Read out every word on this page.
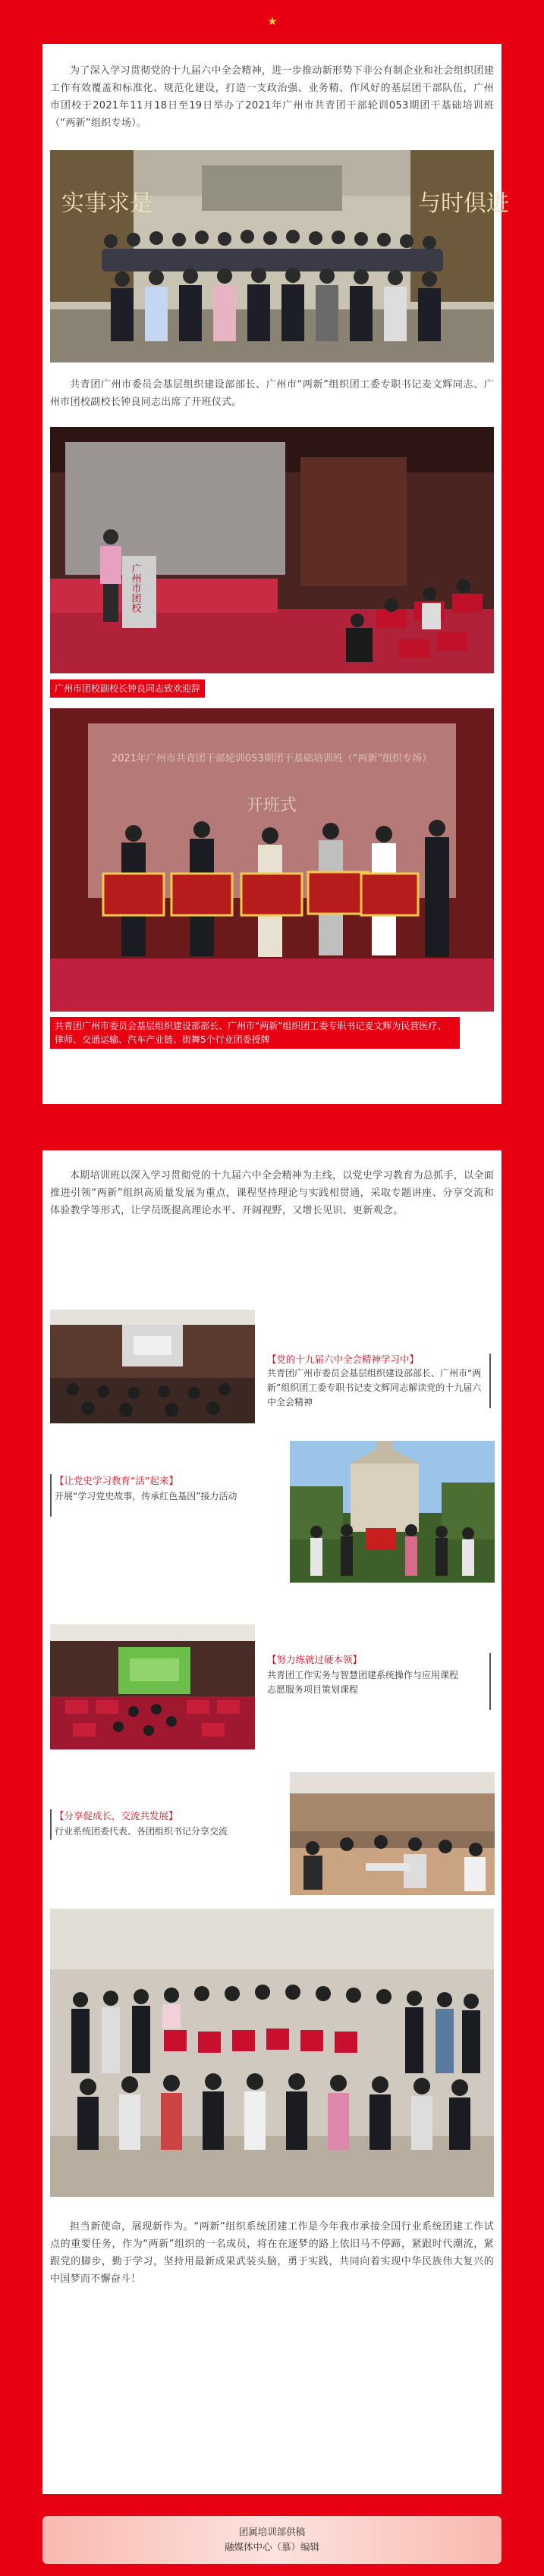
★

为了深入学习贯彻党的十九届六中全会精神，进一步推动新形势下非公有制企业和社会组织团建工作有效覆盖和标准化、规范化建设，打造一支政治强、业务精、作风好的基层团干部队伍，广州市团校于2021年11月18日至19日举办了2021年广州市共青团干部轮训053期团干基础培训班（“两新”组织专场）。

实事求是	与时俱进

共青团广州市委员会基层组织建设部部长、广州市“两新”组织团工委专职书记麦文辉同志、广州市团校副校长钟良同志出席了开班仪式。

广州市团校
广州市团校副校长钟良同志致欢迎辞
2021年广州市共青团干部轮训053期团干基础培训班（“两新”组织专场）
开班式
共青团广州市委员会基层组织建设部部长、广州市“两新”组织团工委专职书记麦文辉为民营医疗、律师、交通运输、汽车产业链、街舞5个行业团委授牌

本期培训班以深入学习贯彻党的十九届六中全会精神为主线，以党史学习教育为总抓手，以全面推进引领“两新”组织高质量发展为重点，课程坚持理论与实践相贯通，采取专题讲座、分享交流和体验教学等形式，让学员既提高理论水平、开阔视野，又增长见识、更新观念。

【党的十九届六中全会精神学习中】
共青团广州市委员会基层组织建设部部长、广州市“两新”组织团工委专职书记麦文辉同志解读党的十九届六中全会精神
【让党史学习教育“活”起来】
开展“学习党史故事，传承红色基因”接力活动
【努力练就过硬本领】
共青团工作实务与智慧团建系统操作与应用课程
志愿服务项目策划课程
【分享促成长，交流共发展】
行业系统团委代表、各团组织书记分享交流

担当新使命，展现新作为。“两新”组织系统团建工作是今年我市承接全国行业系统团建工作试点的重要任务，作为“两新”组织的一名成员，将在在逐梦的路上依旧马不停蹄，紧跟时代潮流，紧跟党的脚步，勤于学习，坚持用最新成果武装头脑，勇于实践，共同向着实现中华民族伟大复兴的中国梦而不懈奋斗！

团属培训部供稿
融媒体中心（慕）编辑
